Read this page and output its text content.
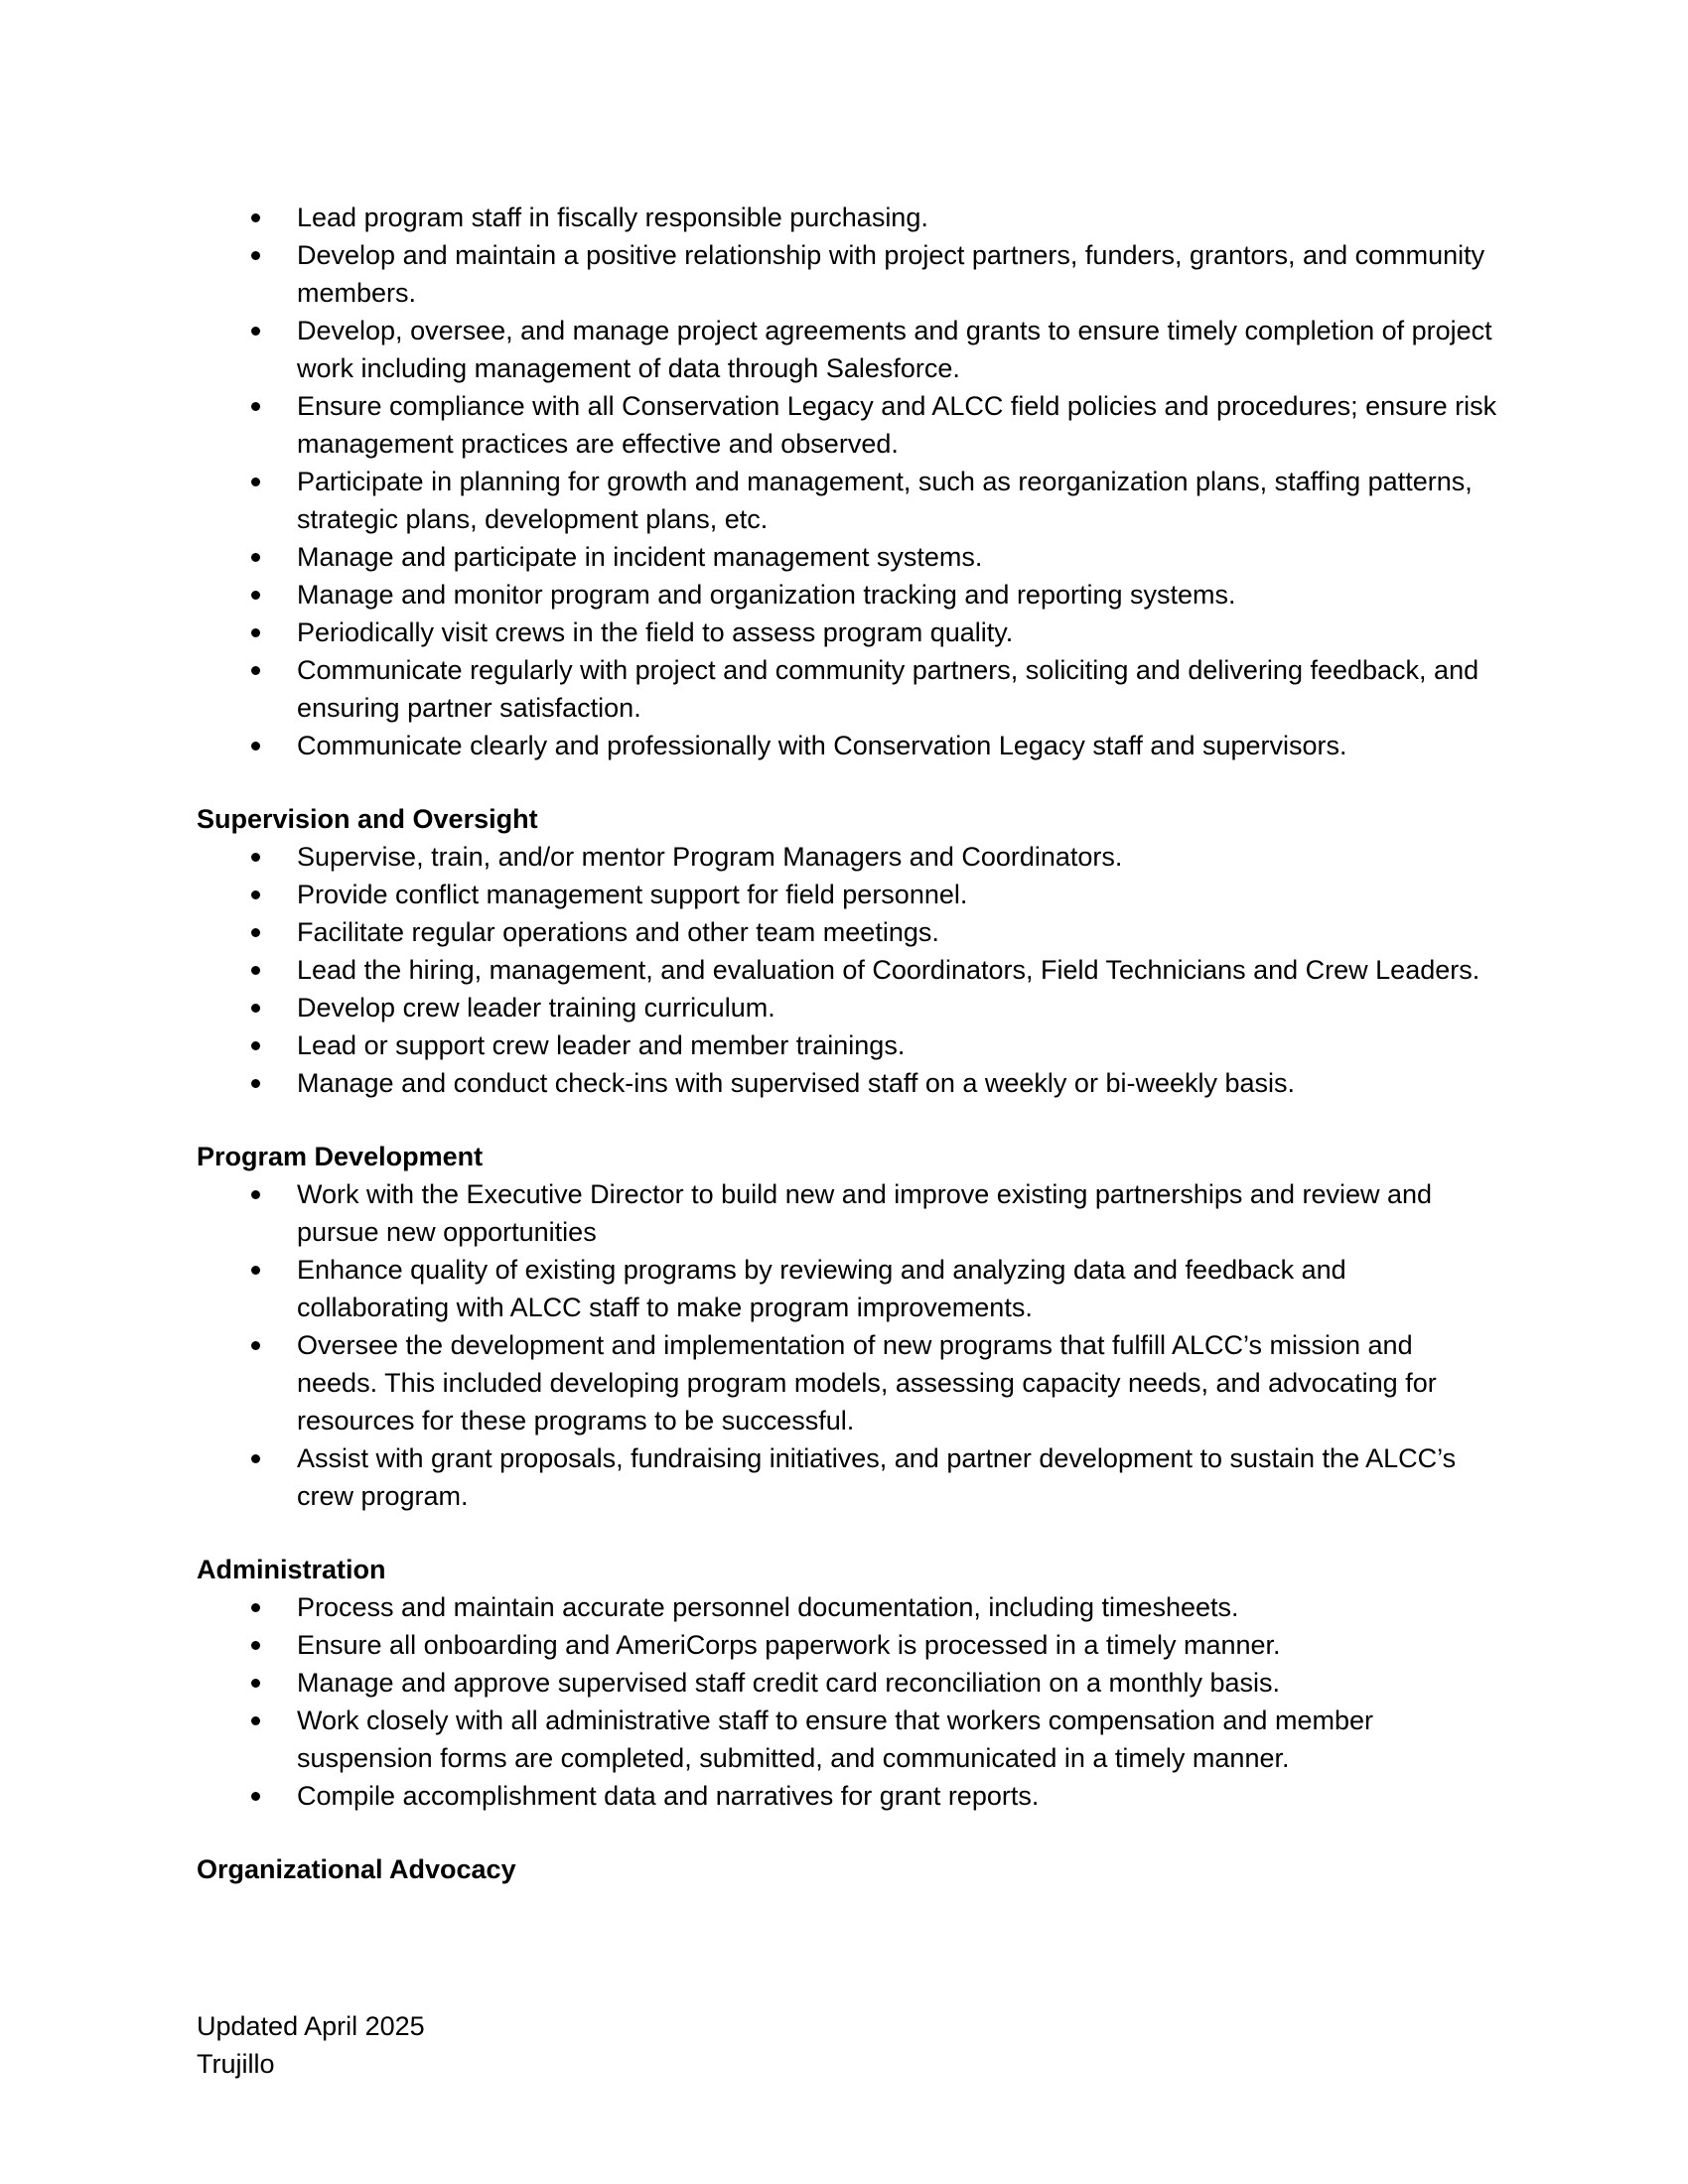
Lead program staff in fiscally responsible purchasing.
Develop and maintain a positive relationship with project partners, funders, grantors, and community members.
Develop, oversee, and manage project agreements and grants to ensure timely completion of project work including management of data through Salesforce.
Ensure compliance with all Conservation Legacy and ALCC field policies and procedures; ensure risk management practices are effective and observed.
Participate in planning for growth and management, such as reorganization plans, staffing patterns, strategic plans, development plans, etc.
Manage and participate in incident management systems.
Manage and monitor program and organization tracking and reporting systems.
Periodically visit crews in the field to assess program quality.
Communicate regularly with project and community partners, soliciting and delivering feedback, and ensuring partner satisfaction.
Communicate clearly and professionally with Conservation Legacy staff and supervisors.
Supervision and Oversight
Supervise, train, and/or mentor Program Managers and Coordinators.
Provide conflict management support for field personnel.
Facilitate regular operations and other team meetings.
Lead the hiring, management, and evaluation of Coordinators, Field Technicians and Crew Leaders.
Develop crew leader training curriculum.
Lead or support crew leader and member trainings.
Manage and conduct check-ins with supervised staff on a weekly or bi-weekly basis.
Program Development
Work with the Executive Director to build new and improve existing partnerships and review and pursue new opportunities
Enhance quality of existing programs by reviewing and analyzing data and feedback and collaborating with ALCC staff to make program improvements.
Oversee the development and implementation of new programs that fulfill ALCC’s mission and needs. This included developing program models, assessing capacity needs, and advocating for resources for these programs to be successful.
Assist with grant proposals, fundraising initiatives, and partner development to sustain the ALCC’s crew program.
Administration
Process and maintain accurate personnel documentation, including timesheets.
Ensure all onboarding and AmeriCorps paperwork is processed in a timely manner.
Manage and approve supervised staff credit card reconciliation on a monthly basis.
Work closely with all administrative staff to ensure that workers compensation and member suspension forms are completed, submitted, and communicated in a timely manner.
Compile accomplishment data and narratives for grant reports.
Organizational Advocacy
Updated April 2025
Trujillo
